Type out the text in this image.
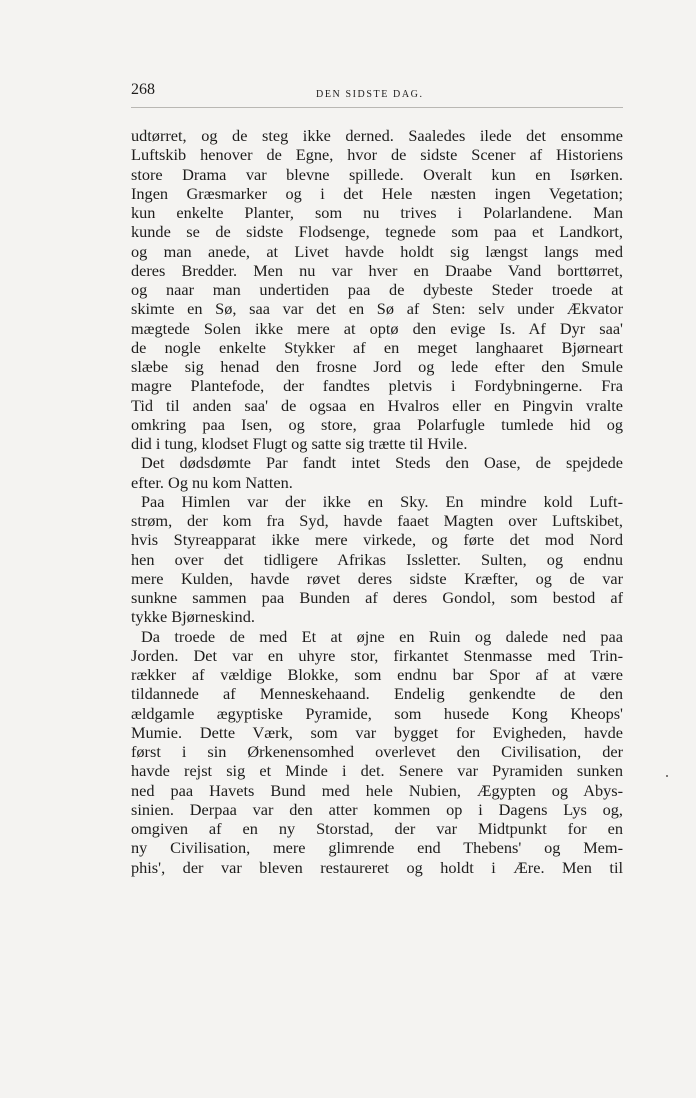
268	DEN SIDSTE DAG.

udtørret, og de steg ikke derned. Saaledes ilede det ensomme
Luftskib henover de Egne, hvor de sidste Scener af Historiens
store Drama var blevne spillede. Overalt kun en Isørken.
Ingen Græsmarker og i det Hele næsten ingen Vegetation;
kun enkelte Planter, som nu trives i Polarlandene. Man
kunde se de sidste Flodsenge, tegnede som paa et Landkort,
og man anede, at Livet havde holdt sig længst langs med
deres Bredder. Men nu var hver en Draabe Vand borttørret,
og naar man undertiden paa de dybeste Steder troede at
skimte en Sø, saa var det en Sø af Sten: selv under Ækvator
mægtede Solen ikke mere at optø den evige Is. Af Dyr saa'
de nogle enkelte Stykker af en meget langhaaret Bjørneart
slæbe sig henad den frosne Jord og lede efter den Smule
magre Plantefode, der fandtes pletvis i Fordybningerne. Fra
Tid til anden saa' de ogsaa en Hvalros eller en Pingvin vralte
omkring paa Isen, og store, graa Polarfugle tumlede hid og
did i tung, klodset Flugt og satte sig trætte til Hvile.

Det dødsdømte Par fandt intet Steds den Oase, de spejdede
efter. Og nu kom Natten.

Paa Himlen var der ikke en Sky. En mindre kold Luft-
strøm, der kom fra Syd, havde faaet Magten over Luftskibet,
hvis Styreapparat ikke mere virkede, og førte det mod Nord
hen over det tidligere Afrikas Issletter. Sulten, og endnu
mere Kulden, havde røvet deres sidste Kræfter, og de var
sunkne sammen paa Bunden af deres Gondol, som bestod af
tykke Bjørneskind.

Da troede de med Et at øjne en Ruin og dalede ned paa
Jorden. Det var en uhyre stor, firkantet Stenmasse med Trin-
rækker af vældige Blokke, som endnu bar Spor af at være
tildannede af Menneskehaand. Endelig genkendte de den
ældgamle ægyptiske Pyramide, som husede Kong Kheops'
Mumie. Dette Værk, som var bygget for Evigheden, havde
først i sin Ørkenensomhed overlevet den Civilisation, der
havde rejst sig et Minde i det. Senere var Pyramiden sunken
ned paa Havets Bund med hele Nubien, Ægypten og Abys-
sinien. Derpaa var den atter kommen op i Dagens Lys og,
omgiven af en ny Storstad, der var Midtpunkt for en
ny Civilisation, mere glimrende end Thebens' og Mem-
phis', der var bleven restaureret og holdt i Ære. Men til
